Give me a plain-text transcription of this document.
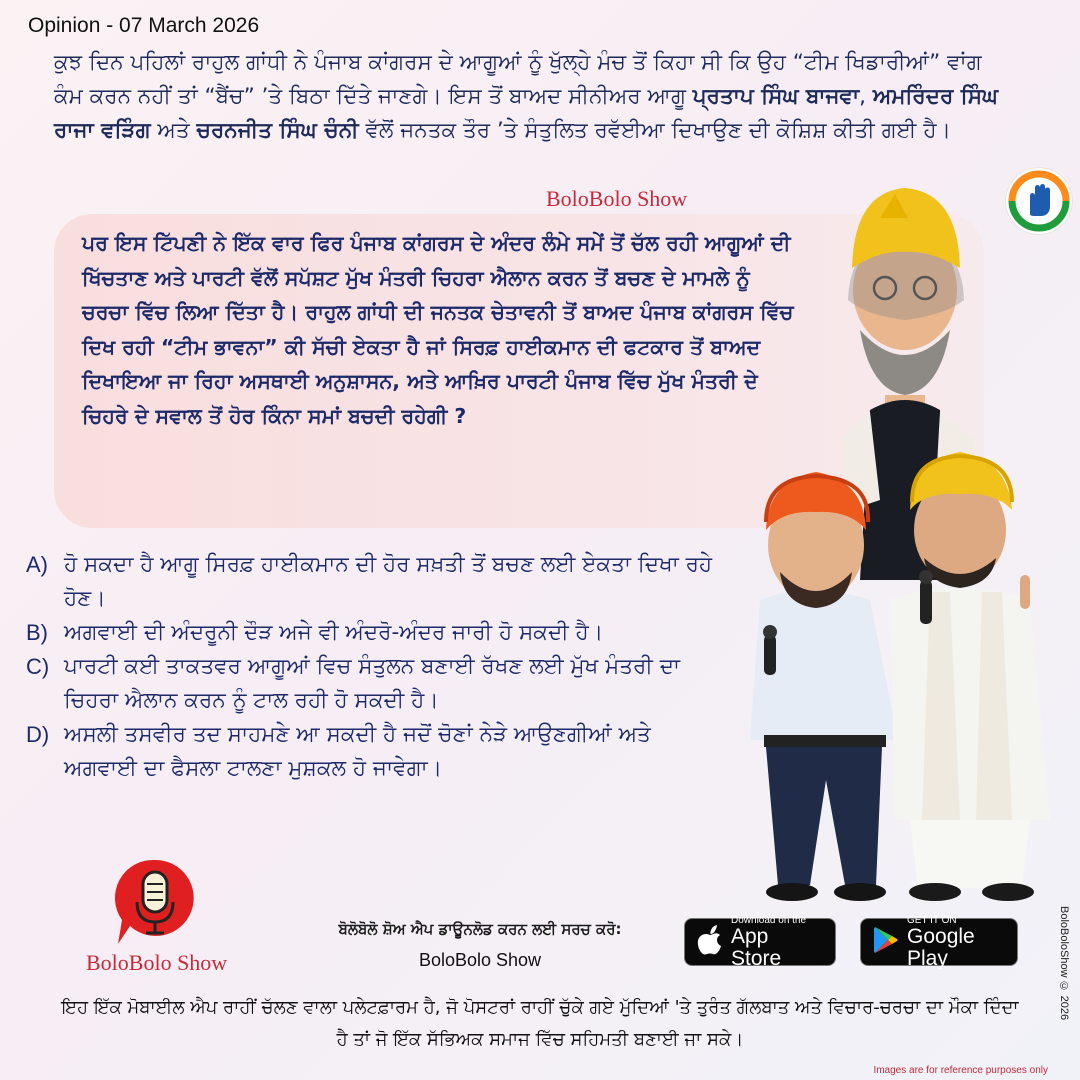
Opinion - 07 March 2026
ਕੁਝ ਦਿਨ ਪਹਿਲਾਂ ਰਾਹੁਲ ਗਾਂਧੀ ਨੇ ਪੰਜਾਬ ਕਾਂਗਰਸ ਦੇ ਆਗੂਆਂ ਨੂੰ ਖੁੱਲ੍ਹੇ ਮੰਚ ਤੋਂ ਕਿਹਾ ਸੀ ਕਿ ਉਹ “ਟੀਮ ਖਿਡਾਰੀਆਂ” ਵਾਂਗ ਕੰਮ ਕਰਨ ਨਹੀਂ ਤਾਂ “ਬੈਂਚ” ’ਤੇ ਬਿਠਾ ਦਿੱਤੇ ਜਾਣਗੇ। ਇਸ ਤੋਂ ਬਾਅਦ ਸੀਨੀਅਰ ਆਗੂ ਪ੍ਰਤਾਪ ਸਿੰਘ ਬਾਜਵਾ, ਅਮਰਿੰਦਰ ਸਿੰਘ ਰਾਜਾ ਵੜਿੰਗ ਅਤੇ ਚਰਨਜੀਤ ਸਿੰਘ ਚੰਨੀ ਵੱਲੋਂ ਜਨਤਕ ਤੌਰ ’ਤੇ ਸੰਤੁਲਿਤ ਰਵੱਈਆ ਦਿਖਾਉਣ ਦੀ ਕੋਸ਼ਿਸ਼ ਕੀਤੀ ਗਈ ਹੈ।
BoloBolo Show
ਪਰ ਇਸ ਟਿੱਪਣੀ ਨੇ ਇੱਕ ਵਾਰ ਫਿਰ ਪੰਜਾਬ ਕਾਂਗਰਸ ਦੇ ਅੰਦਰ ਲੰਮੇ ਸਮੇਂ ਤੋਂ ਚੱਲ ਰਹੀ ਆਗੂਆਂ ਦੀ ਖਿੱਚਤਾਣ ਅਤੇ ਪਾਰਟੀ ਵੱਲੋਂ ਸਪੱਸ਼ਟ ਮੁੱਖ ਮੰਤਰੀ ਚਿਹਰਾ ਐਲਾਨ ਕਰਨ ਤੋਂ ਬਚਣ ਦੇ ਮਾਮਲੇ ਨੂੰ ਚਰਚਾ ਵਿੱਚ ਲਿਆ ਦਿੱਤਾ ਹੈ। ਰਾਹੁਲ ਗਾਂਧੀ ਦੀ ਜਨਤਕ ਚੇਤਾਵਨੀ ਤੋਂ ਬਾਅਦ ਪੰਜਾਬ ਕਾਂਗਰਸ ਵਿੱਚ ਦਿਖ ਰਹੀ “ਟੀਮ ਭਾਵਨਾ” ਕੀ ਸੱਚੀ ਏਕਤਾ ਹੈ ਜਾਂ ਸਿਰਫ਼ ਹਾਈਕਮਾਨ ਦੀ ਫਟਕਾਰ ਤੋਂ ਬਾਅਦ ਦਿਖਾਇਆ ਜਾ ਰਿਹਾ ਅਸਥਾਈ ਅਨੁਸ਼ਾਸਨ, ਅਤੇ ਆਖ਼ਿਰ ਪਾਰਟੀ ਪੰਜਾਬ ਵਿੱਚ ਮੁੱਖ ਮੰਤਰੀ ਦੇ ਚਿਹਰੇ ਦੇ ਸਵਾਲ ਤੋਂ ਹੋਰ ਕਿੰਨਾ ਸਮਾਂ ਬਚਦੀ ਰਹੇਗੀ ?
A) ਹੋ ਸਕਦਾ ਹੈ ਆਗੂ ਸਿਰਫ਼ ਹਾਈਕਮਾਨ ਦੀ ਹੋਰ ਸਖ਼ਤੀ ਤੋਂ ਬਚਣ ਲਈ ਏਕਤਾ ਦਿਖਾ ਰਹੇ ਹੋਣ।
B) ਅਗਵਾਈ ਦੀ ਅੰਦਰੂਨੀ ਦੌੜ ਅਜੇ ਵੀ ਅੰਦਰੋ-ਅੰਦਰ ਜਾਰੀ ਹੋ ਸਕਦੀ ਹੈ।
C) ਪਾਰਟੀ ਕਈ ਤਾਕਤਵਰ ਆਗੂਆਂ ਵਿਚ ਸੰਤੁਲਨ ਬਣਾਈ ਰੱਖਣ ਲਈ ਮੁੱਖ ਮੰਤਰੀ ਦਾ ਚਿਹਰਾ ਐਲਾਨ ਕਰਨ ਨੂੰ ਟਾਲ ਰਹੀ ਹੋ ਸਕਦੀ ਹੈ।
D) ਅਸਲੀ ਤਸਵੀਰ ਤਦ ਸਾਹਮਣੇ ਆ ਸਕਦੀ ਹੈ ਜਦੋਂ ਚੋਣਾਂ ਨੇੜੇ ਆਉਣਗੀਆਂ ਅਤੇ ਅਗਵਾਈ ਦਾ ਫੈਸਲਾ ਟਾਲਣਾ ਮੁਸ਼ਕਲ ਹੋ ਜਾਵੇਗਾ।
BoloBolo Show
ਬੋਲੋਬੋਲੋ ਸ਼ੋਅ ਐਪ ਡਾਊਨਲੋਡ ਕਰਨ ਲਈ ਸਰਚ ਕਰੋ:
BoloBolo Show
Download on the
App Store
GET IT ON
Google Play
ਇਹ ਇੱਕ ਮੋਬਾਈਲ ਐਪ ਰਾਹੀਂ ਚੱਲਣ ਵਾਲਾ ਪਲੇਟਫ਼ਾਰਮ ਹੈ, ਜੋ ਪੋਸਟਰਾਂ ਰਾਹੀਂ ਚੁੱਕੇ ਗਏ ਮੁੱਦਿਆਂ 'ਤੇ ਤੁਰੰਤ ਗੱਲਬਾਤ ਅਤੇ ਵਿਚਾਰ-ਚਰਚਾ ਦਾ ਮੌਕਾ ਦਿੰਦਾ ਹੈ ਤਾਂ ਜੋ ਇੱਕ ਸੱਭਿਅਕ ਸਮਾਜ ਵਿੱਚ ਸਹਿਮਤੀ ਬਣਾਈ ਜਾ ਸਕੇ।
BoloBoloShow © 2026
Images are for reference purposes only
